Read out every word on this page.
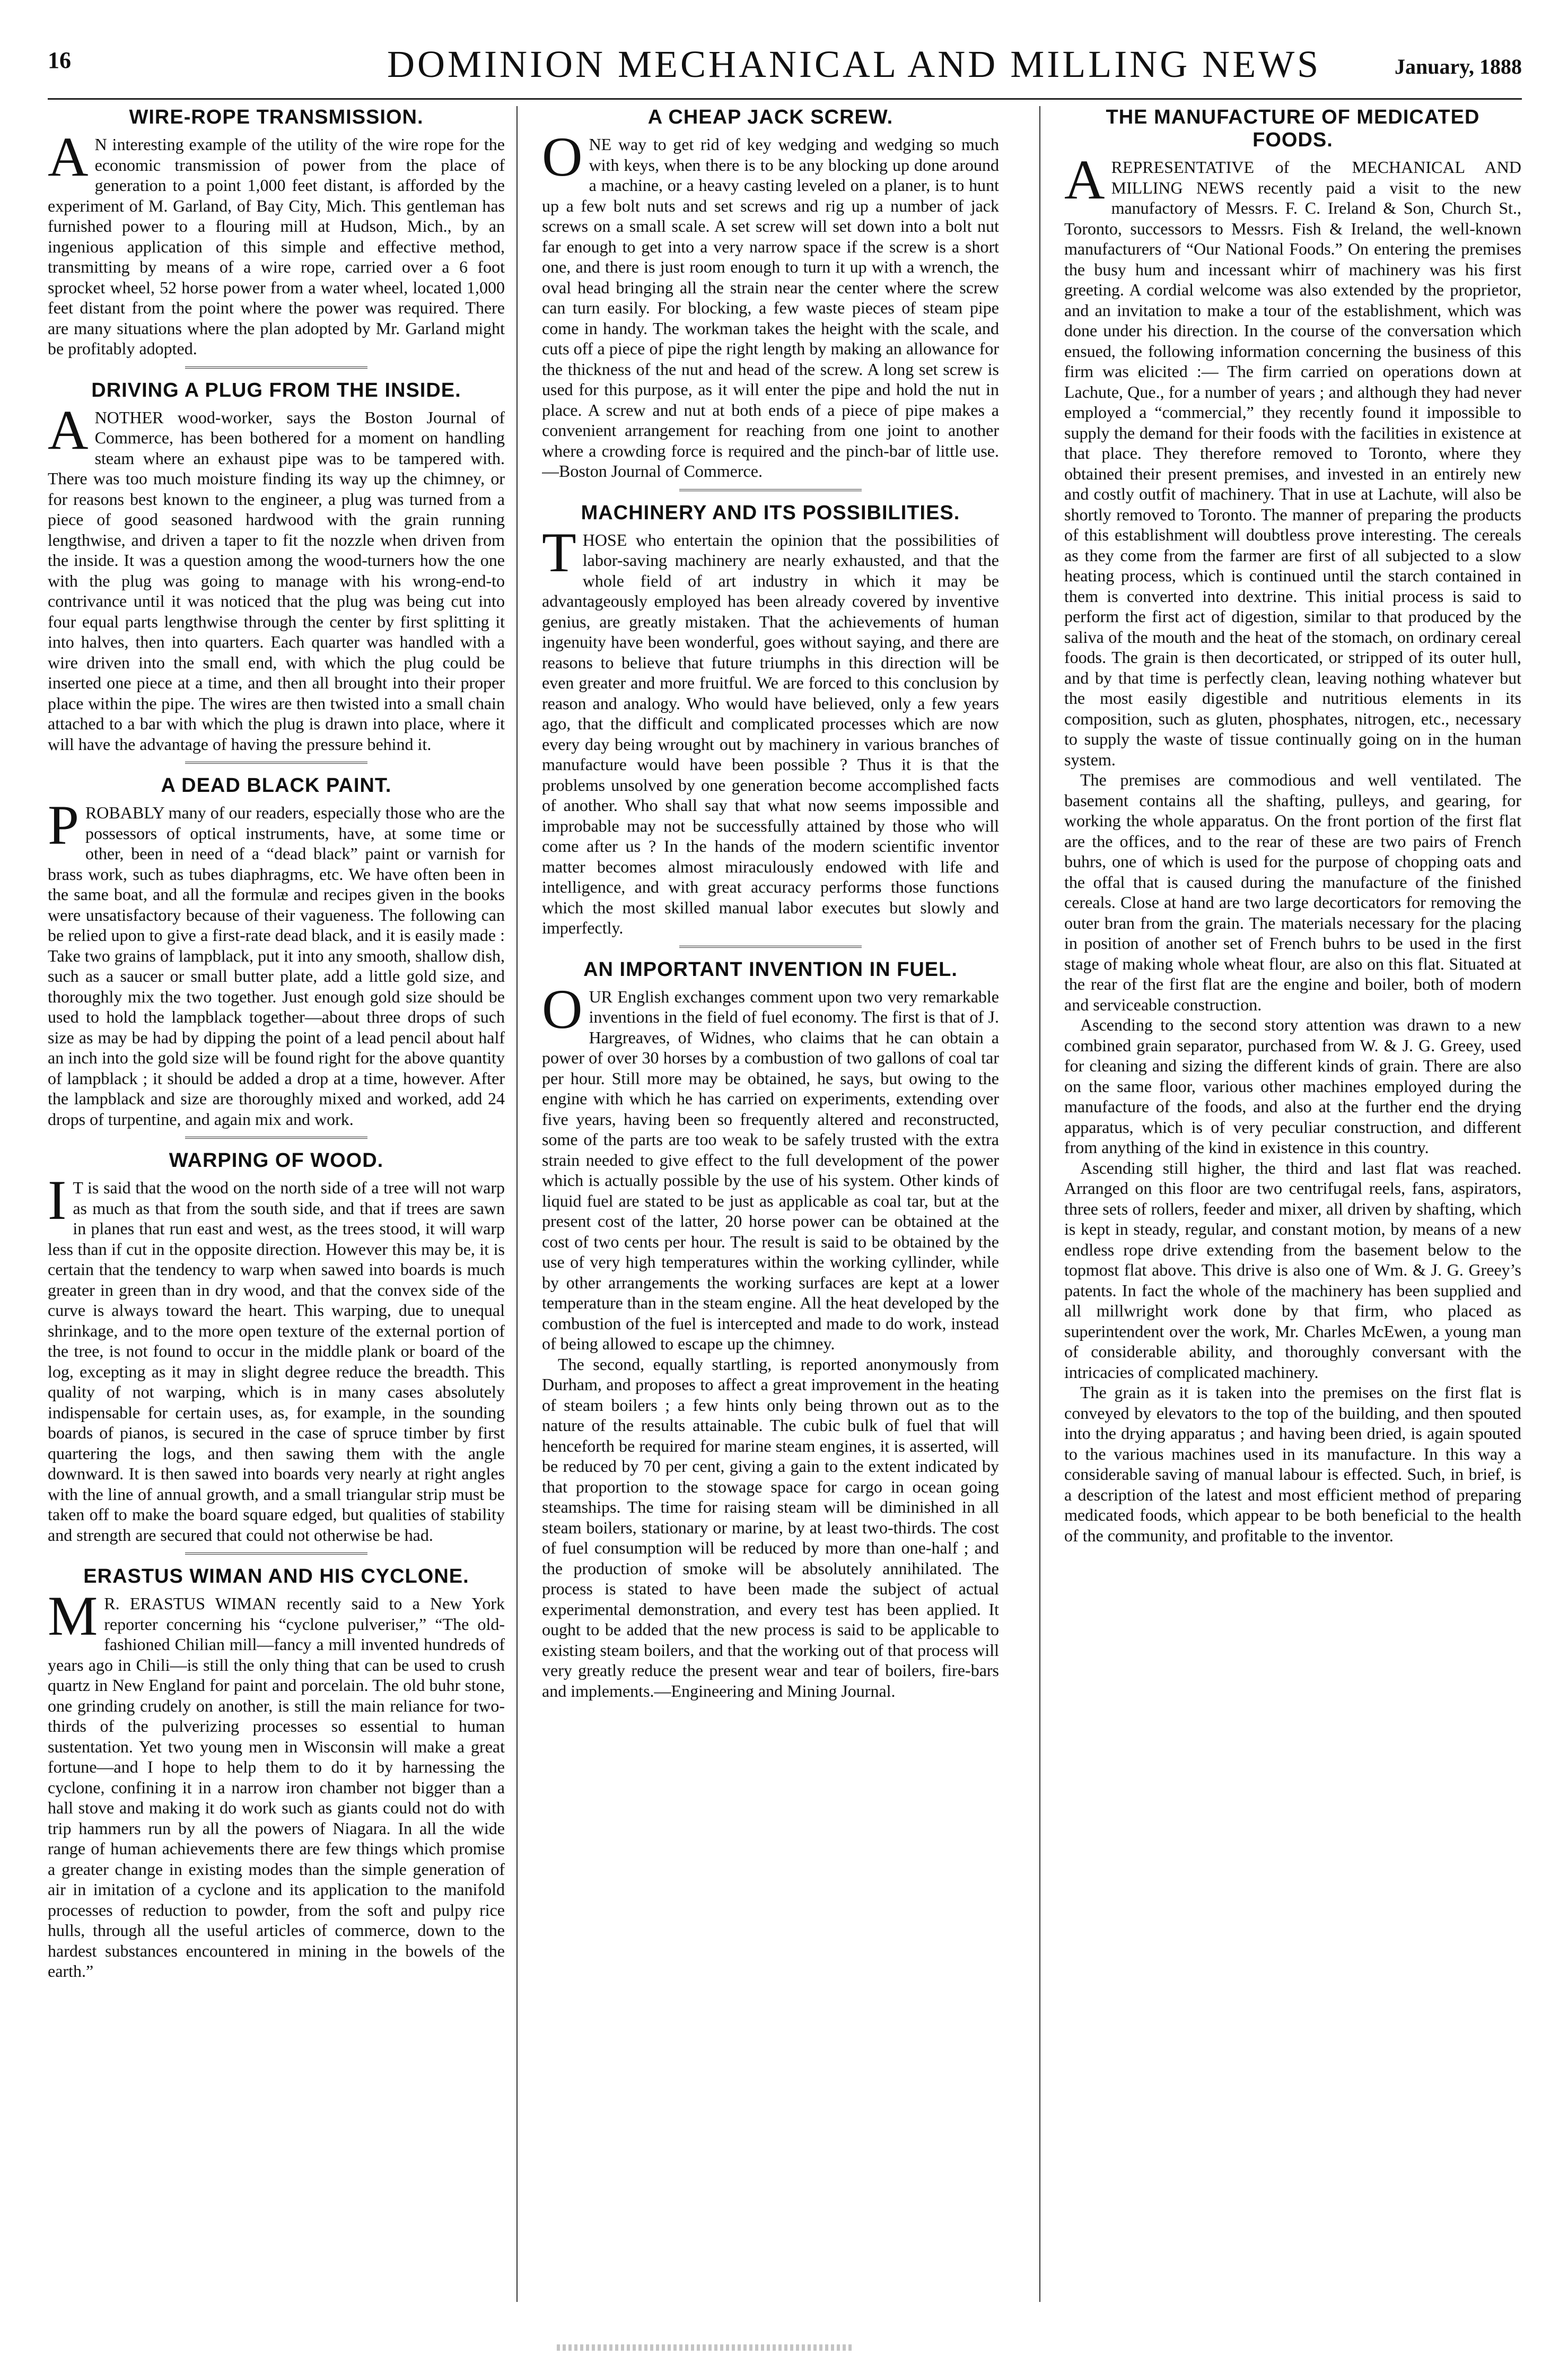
16	DOMINION MECHANICAL AND MILLING NEWS	January, 1888
WIRE-ROPE TRANSMISSION.

A N interesting example of the utility of the wire rope for the economic transmission of power from the place of generation to a point 1,000 feet distant, is afforded by the experiment of M. Garland, of Bay City, Mich. This gentleman has furnished power to a flouring mill at Hudson, Mich., by an ingenious application of this simple and effective method, transmitting by means of a wire rope, carried over a 6 foot sprocket wheel, 52 horse power from a water wheel, located 1,000 feet distant from the point where the power was required. There are many situations where the plan adopted by Mr. Garland might be profitably adopted.

DRIVING A PLUG FROM THE INSIDE.

ANOTHER wood-worker, says the Boston Journal of Commerce, has been bothered for a moment on handling steam where an exhaust pipe was to be tampered with. There was too much moisture finding its way up the chimney, or for reasons best known to the engineer, a plug was turned from a piece of good seasoned hardwood with the grain running lengthwise, and driven a taper to fit the nozzle when driven from the inside. It was a question among the wood-turners how the one with the plug was going to manage with his wrong-end-to contrivance until it was noticed that the plug was being cut into four equal parts lengthwise through the center by first splitting it into halves, then into quarters. Each quarter was handled with a wire driven into the small end, with which the plug could be inserted one piece at a time, and then all brought into their proper place within the pipe. The wires are then twisted into a small chain attached to a bar with which the plug is drawn into place, where it will have the advantage of having the pressure behind it.

A DEAD BLACK PAINT.

PROBABLY many of our readers, especially those who are the possessors of optical instruments, have, at some time or other, been in need of a “dead black” paint or varnish for brass work, such as tubes diaphragms, etc. We have often been in the same boat, and all the formulæ and recipes given in the books were unsatisfactory because of their vagueness. The following can be relied upon to give a first-rate dead black, and it is easily made : Take two grains of lampblack, put it into any smooth, shallow dish, such as a saucer or small butter plate, add a little gold size, and thoroughly mix the two together. Just enough gold size should be used to hold the lampblack together—about three drops of such size as may be had by dipping the point of a lead pencil about half an inch into the gold size will be found right for the above quantity of lampblack ; it should be added a drop at a time, however. After the lampblack and size are thoroughly mixed and worked, add 24 drops of turpentine, and again mix and work.

WARPING OF WOOD.

I T is said that the wood on the north side of a tree will not warp as much as that from the south side, and that if trees are sawn in planes that run east and west, as the trees stood, it will warp less than if cut in the opposite direction. However this may be, it is certain that the tendency to warp when sawed into boards is much greater in green than in dry wood, and that the convex side of the curve is always toward the heart. This warping, due to unequal shrinkage, and to the more open texture of the external portion of the tree, is not found to occur in the middle plank or board of the log, excepting as it may in slight degree reduce the breadth. This quality of not warping, which is in many cases absolutely indispensable for certain uses, as, for example, in the sounding boards of pianos, is secured in the case of spruce timber by first quartering the logs, and then sawing them with the angle downward. It is then sawed into boards very nearly at right angles with the line of annual growth, and a small triangular strip must be taken off to make the board square edged, but qualities of stability and strength are secured that could not otherwise be had.

ERASTUS WIMAN AND HIS CYCLONE.

M R. ERASTUS WIMAN recently said to a New York reporter concerning his “cyclone pulveriser,” “The old-fashioned Chilian mill—fancy a mill invented hundreds of years ago in Chili—is still the only thing that can be used to crush quartz in New England for paint and porcelain. The old buhr stone, one grinding crudely on another, is still the main reliance for two-thirds of the pulverizing processes so essential to human sustentation. Yet two young men in Wisconsin will make a great fortune—and I hope to help them to do it by harnessing the cyclone, confining it in a narrow iron chamber not bigger than a hall stove and making it do work such as giants could not do with trip hammers run by all the powers of Niagara. In all the wide range of human achievements there are few things which promise a greater change in existing modes than the simple generation of air in imitation of a cyclone and its application to the manifold processes of reduction to powder, from the soft and pulpy rice hulls, through all the useful articles of commerce, down to the hardest substances encountered in mining in the bowels of the earth.”

A CHEAP JACK SCREW.

ONE way to get rid of key wedging and wedging so much with keys, when there is to be any blocking up done around a machine, or a heavy casting leveled on a planer, is to hunt up a few bolt nuts and set screws and rig up a number of jack screws on a small scale. A set screw will set down into a bolt nut far enough to get into a very narrow space if the screw is a short one, and there is just room enough to turn it up with a wrench, the oval head bringing all the strain near the center where the screw can turn easily. For blocking, a few waste pieces of steam pipe come in handy. The workman takes the height with the scale, and cuts off a piece of pipe the right length by making an allowance for the thickness of the nut and head of the screw. A long set screw is used for this purpose, as it will enter the pipe and hold the nut in place. A screw and nut at both ends of a piece of pipe makes a convenient arrangement for reaching from one joint to another where a crowding force is required and the pinch-bar of little use.—Boston Journal of Commerce.

MACHINERY AND ITS POSSIBILITIES.

THOSE who entertain the opinion that the possibilities of labor-saving machinery are nearly exhausted, and that the whole field of art industry in which it may be advantageously employed has been already covered by inventive genius, are greatly mistaken. That the achievements of human ingenuity have been wonderful, goes without saying, and there are reasons to believe that future triumphs in this direction will be even greater and more fruitful. We are forced to this conclusion by reason and analogy. Who would have believed, only a few years ago, that the difficult and complicated processes which are now every day being wrought out by machinery in various branches of manufacture would have been possible ? Thus it is that the problems unsolved by one generation become accomplished facts of another. Who shall say that what now seems impossible and improbable may not be successfully attained by those who will come after us ? In the hands of the modern scientific inventor matter becomes almost miraculously endowed with life and intelligence, and with great accuracy performs those functions which the most skilled manual labor executes but slowly and imperfectly.

AN IMPORTANT INVENTION IN FUEL.

OUR English exchanges comment upon two very remarkable inventions in the field of fuel economy. The first is that of J. Hargreaves, of Widnes, who claims that he can obtain a power of over 30 horses by a combustion of two gallons of coal tar per hour. Still more may be obtained, he says, but owing to the engine with which he has carried on experiments, extending over five years, having been so frequently altered and reconstructed, some of the parts are too weak to be safely trusted with the extra strain needed to give effect to the full development of the power which is actually possible by the use of his system. Other kinds of liquid fuel are stated to be just as applicable as coal tar, but at the present cost of the latter, 20 horse power can be obtained at the cost of two cents per hour. The result is said to be obtained by the use of very high temperatures within the working cyllinder, while by other arrangements the working surfaces are kept at a lower temperature than in the steam engine. All the heat developed by the combustion of the fuel is intercepted and made to do work, instead of being allowed to escape up the chimney.

The second, equally startling, is reported anonymously from Durham, and proposes to affect a great improvement in the heating of steam boilers ; a few hints only being thrown out as to the nature of the results attainable. The cubic bulk of fuel that will henceforth be required for marine steam engines, it is asserted, will be reduced by 70 per cent, giving a gain to the extent indicated by that proportion to the stowage space for cargo in ocean going steamships. The time for raising steam will be diminished in all steam boilers, stationary or marine, by at least two-thirds. The cost of fuel consumption will be reduced by more than one-half ; and the production of smoke will be absolutely annihilated. The process is stated to have been made the subject of actual experimental demonstration, and every test has been applied. It ought to be added that the new process is said to be applicable to existing steam boilers, and that the working out of that process will very greatly reduce the present wear and tear of boilers, fire-bars and implements.—Engineering and Mining Journal.

THE MANUFACTURE OF MEDICATED FOODS.

AREPRESENTATIVE of the MECHANICAL AND MILLING NEWS recently paid a visit to the new manufactory of Messrs. F. C. Ireland & Son, Church St., Toronto, successors to Messrs. Fish & Ireland, the well-known manufacturers of “Our National Foods.” On entering the premises the busy hum and incessant whirr of machinery was his first greeting. A cordial welcome was also extended by the proprietor, and an invitation to make a tour of the establishment, which was done under his direction. In the course of the conversation which ensued, the following information concerning the business of this firm was elicited :— The firm carried on operations down at Lachute, Que., for a number of years ; and although they had never employed a “commercial,” they recently found it impossible to supply the demand for their foods with the facilities in existence at that place. They therefore removed to Toronto, where they obtained their present premises, and invested in an entirely new and costly outfit of machinery. That in use at Lachute, will also be shortly removed to Toronto. The manner of preparing the products of this establishment will doubtless prove interesting. The cereals as they come from the farmer are first of all subjected to a slow heating process, which is continued until the starch contained in them is converted into dextrine. This initial process is said to perform the first act of digestion, similar to that produced by the saliva of the mouth and the heat of the stomach, on ordinary cereal foods. The grain is then decorticated, or stripped of its outer hull, and by that time is perfectly clean, leaving nothing whatever but the most easily digestible and nutritious elements in its composition, such as gluten, phosphates, nitrogen, etc., necessary to supply the waste of tissue continually going on in the human system.

The premises are commodious and well ventilated. The basement contains all the shafting, pulleys, and gearing, for working the whole apparatus. On the front portion of the first flat are the offices, and to the rear of these are two pairs of French buhrs, one of which is used for the purpose of chopping oats and the offal that is caused during the manufacture of the finished cereals. Close at hand are two large decorticators for removing the outer bran from the grain. The materials necessary for the placing in position of another set of French buhrs to be used in the first stage of making whole wheat flour, are also on this flat. Situated at the rear of the first flat are the engine and boiler, both of modern and serviceable construction.

Ascending to the second story attention was drawn to a new combined grain separator, purchased from W. & J. G. Greey, used for cleaning and sizing the different kinds of grain. There are also on the same floor, various other machines employed during the manufacture of the foods, and also at the further end the drying apparatus, which is of very peculiar construction, and different from anything of the kind in existence in this country.

Ascending still higher, the third and last flat was reached. Arranged on this floor are two centrifugal reels, fans, aspirators, three sets of rollers, feeder and mixer, all driven by shafting, which is kept in steady, regular, and constant motion, by means of a new endless rope drive extending from the basement below to the topmost flat above. This drive is also one of Wm. & J. G. Greey’s patents. In fact the whole of the machinery has been supplied and all millwright work done by that firm, who placed as superintendent over the work, Mr. Charles McEwen, a young man of considerable ability, and thoroughly conversant with the intricacies of complicated machinery.

The grain as it is taken into the premises on the first flat is conveyed by elevators to the top of the building, and then spouted into the drying apparatus ; and having been dried, is again spouted to the various machines used in its manufacture. In this way a considerable saving of manual labour is effected. Such, in brief, is a description of the latest and most efficient method of preparing medicated foods, which appear to be both beneficial to the health of the community, and profitable to the inventor.
